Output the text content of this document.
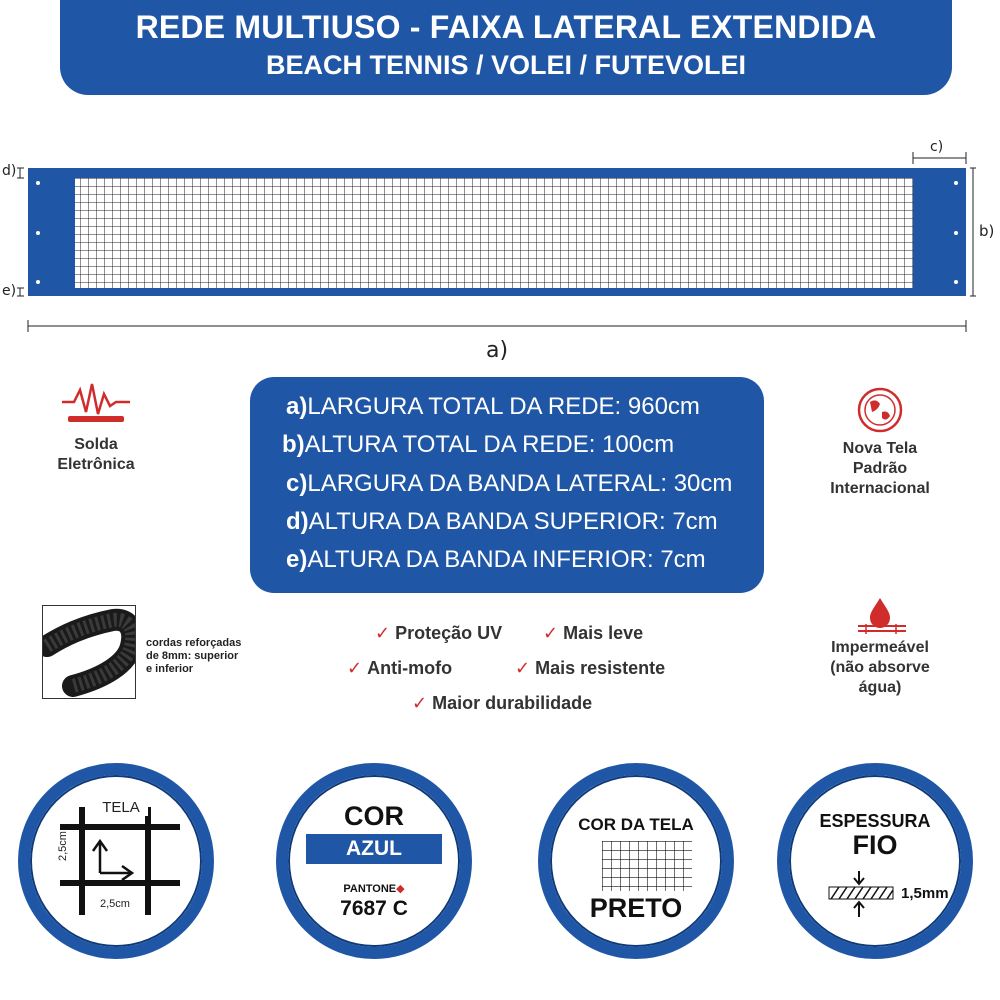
REDE MULTIUSO - FAIXA LATERAL EXTENDIDA
BEACH TENNIS / VOLEI / FUTEVOLEI
a)
b)
c)
d)
e)
a)LARGURA TOTAL DA REDE: 960cm
b)ALTURA TOTAL DA REDE: 100cm
c)LARGURA DA BANDA LATERAL: 30cm
d)ALTURA DA BANDA SUPERIOR: 7cm
e)ALTURA DA BANDA INFERIOR: 7cm
Solda
Eletrônica
cordas reforçadas
de 8mm: superior
e inferior
Nova Tela
Padrão
Internacional
Impermeável
(não absorve
água)
✓ Proteção UV ✓ Mais leve
✓ Anti-mofo	✓ Mais resistente
✓ Maior durabilidade
TELA
2,5cm
2,5cm
COR
AZUL
PANTONE◆
7687 C
COR DA TELA
PRETO
ESPESSURA
FIO
1,5mm
